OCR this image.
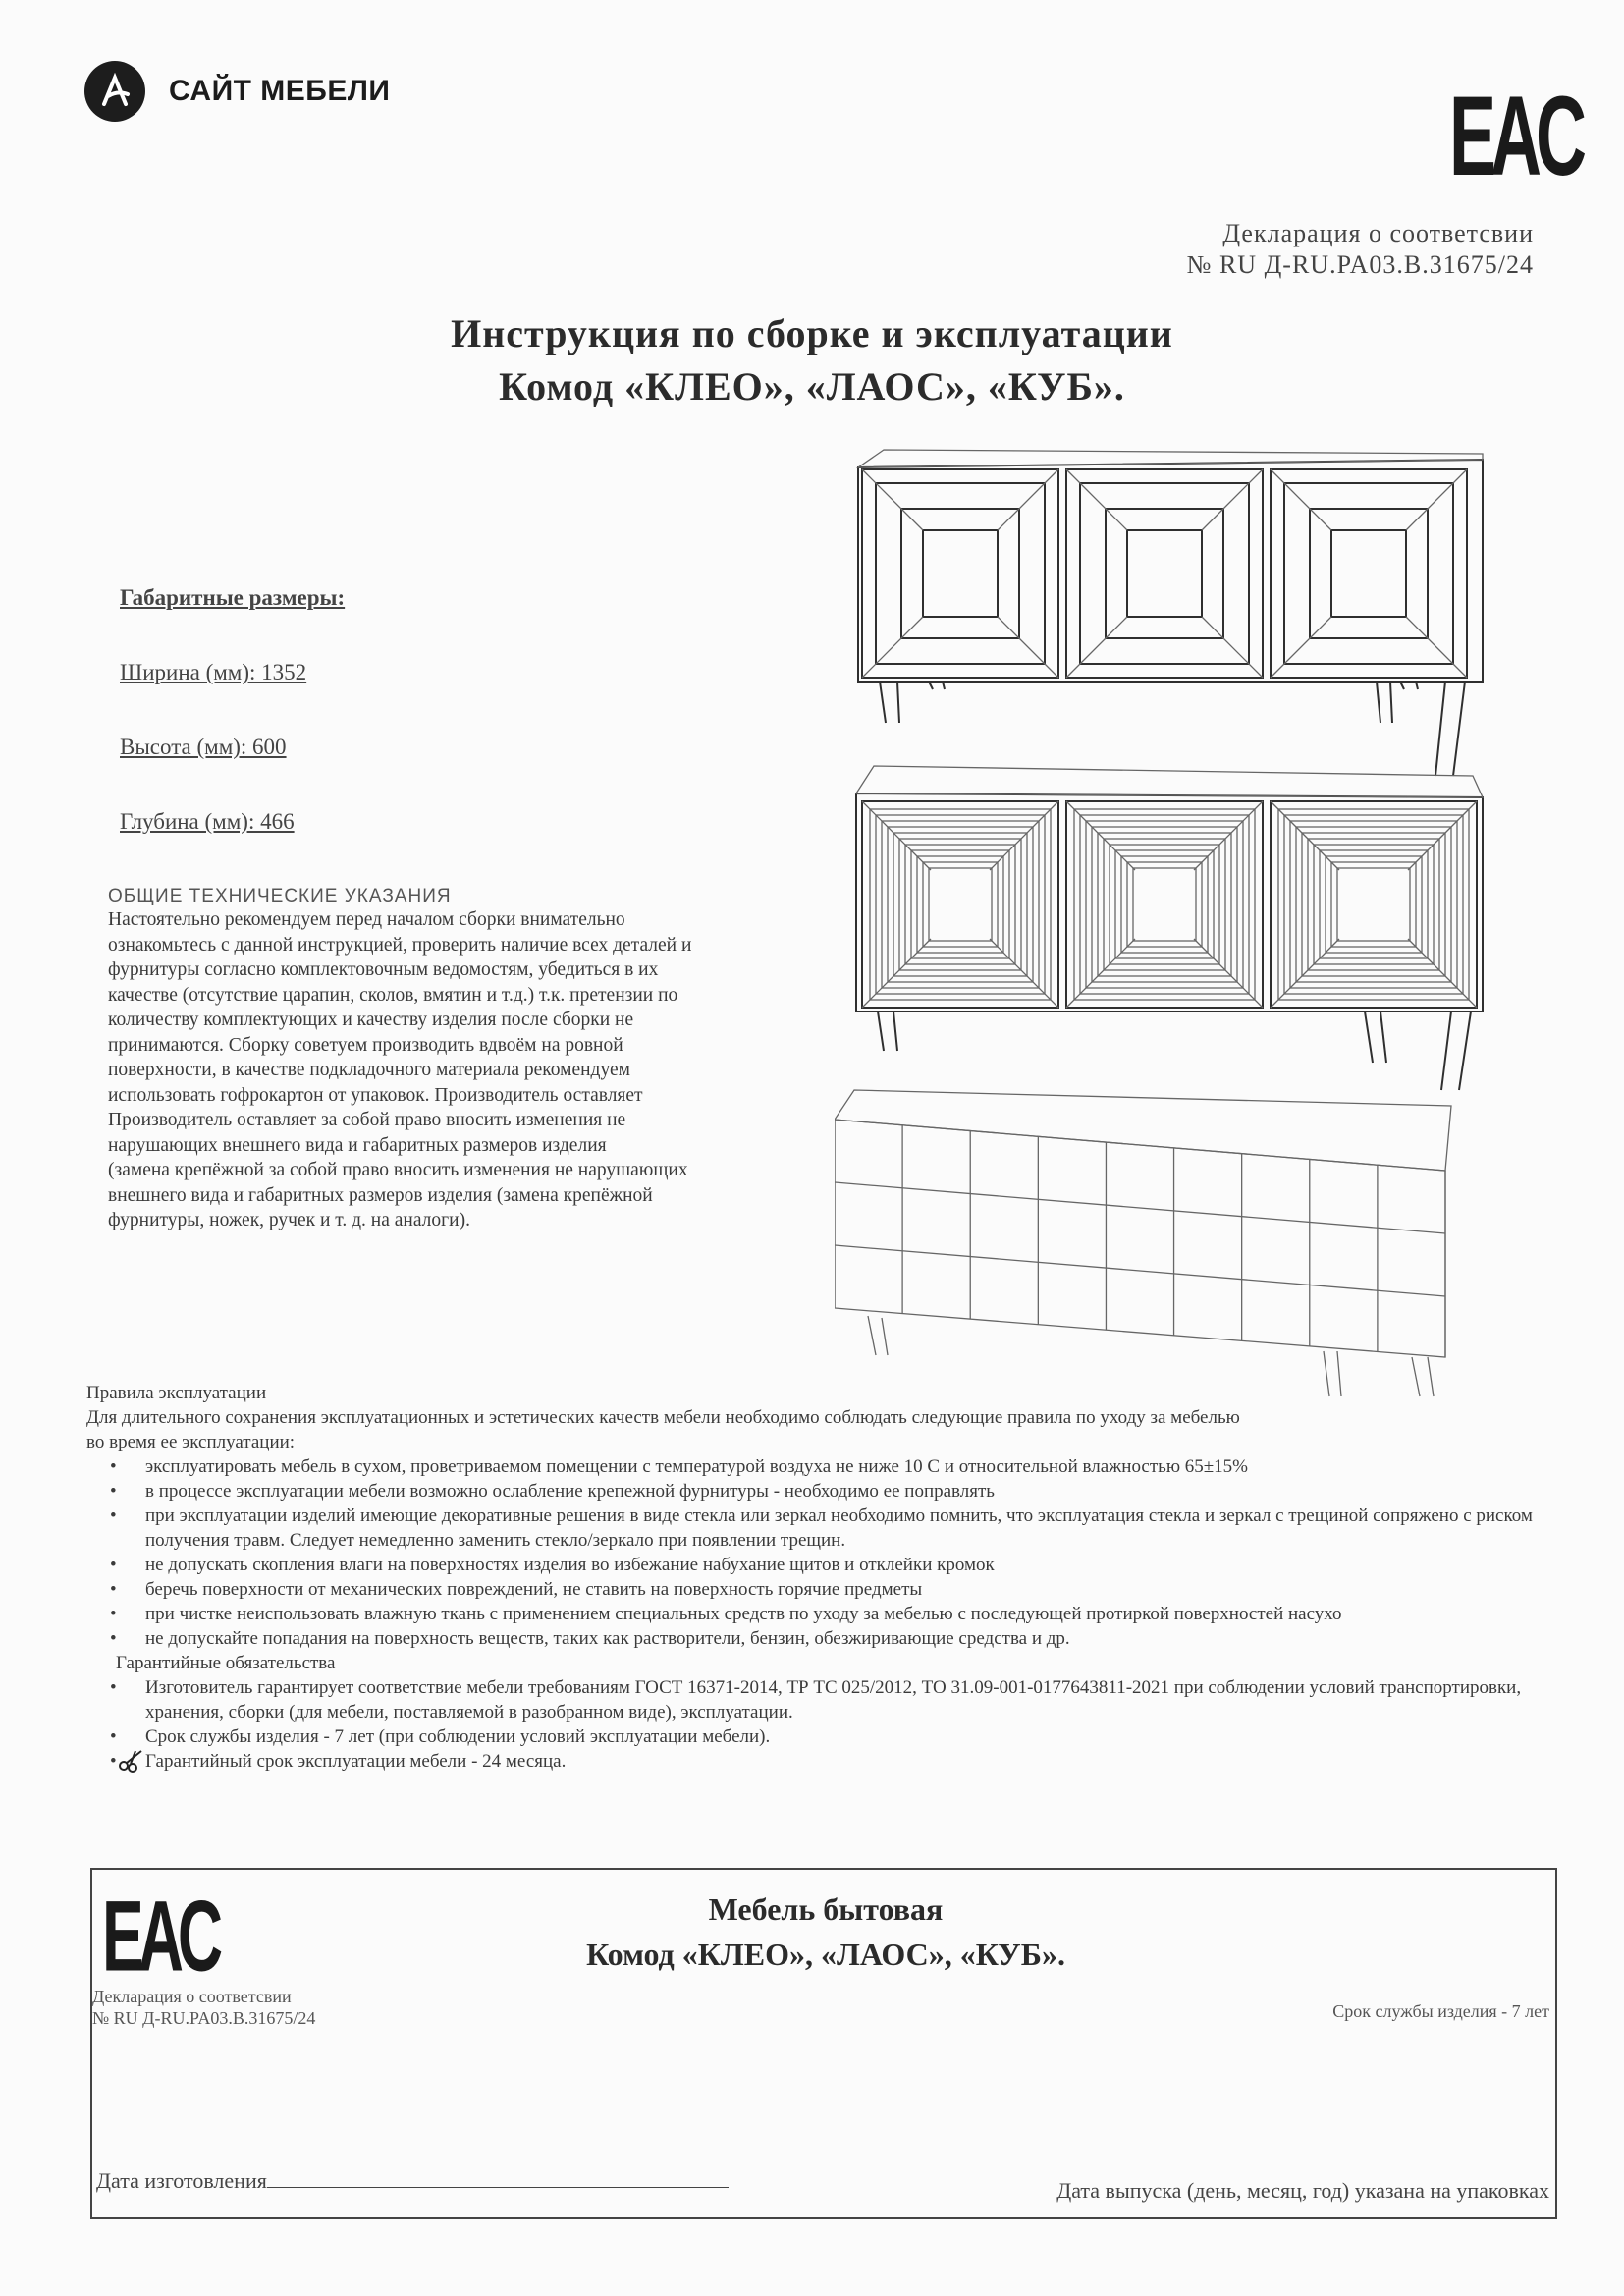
САЙТ МЕБЕЛИ	EAC
Декларация о соответсвии
№ RU Д-RU.PA03.B.31675/24
Инструкция по сборке и эксплуатации
Комод «КЛЕО», «ЛАОС», «КУБ».
Габаритные размеры:
Ширина (мм): 1352
Высота (мм): 600
Глубина (мм): 466
ОБЩИЕ ТЕХНИЧЕСКИЕ УКАЗАНИЯ
Настоятельно рекомендуем перед началом сборки внимательно
ознакомьтесь с данной инструкцией, проверить наличие всех деталей и
фурнитуры согласно комплектовочным ведомостям, убедиться в их
качестве (отсутствие царапин, сколов, вмятин и т.д.) т.к. претензии по
количеству комплектующих и качеству изделия после сборки не
принимаются. Сборку советуем производить вдвоём на ровной
поверхности, в качестве подкладочного материала рекомендуем
использовать гофрокартон от упаковок. Производитель оставляет
Производитель оставляет за собой право вносить изменения не
нарушающих внешнего вида и габаритных размеров изделия
(замена крепёжной за собой право вносить изменения не нарушающих
внешнего вида и габаритных размеров изделия (замена крепёжной
фурнитуры, ножек, ручек и т. д. на аналоги).
Правила эксплуатации
Для длительного сохранения эксплуатационных и эстетических качеств мебели необходимо соблюдать следующие правила по уходу за мебелью
во время ее эксплуатации:
• эксплуатировать мебель в сухом, проветриваемом помещении с температурой воздуха не ниже 10 С и относительной влажностью 65±15%
• в процессе эксплуатации мебели возможно ослабление крепежной фурнитуры - необходимо ее поправлять
• при эксплуатации изделий имеющие декоративные решения в виде стекла или зеркал необходимо помнить, что эксплуатация стекла и зеркал с трещиной сопряжено с риском получения травм. Следует немедленно заменить стекло/зеркало при появлении трещин.
• не допускать скопления влаги на поверхностях изделия во избежание набухание щитов и отклейки кромок
• беречь поверхности от механических повреждений, не ставить на поверхность горячие предметы
• при чистке неиспользовать влажную ткань с применением специальных средств по уходу за мебелью с последующей протиркой поверхностей насухо
• не допускайте попадания на поверхность веществ, таких как растворители, бензин, обезжиривающие средства и др.
Гарантийные обязательства
• Изготовитель гарантирует соответствие мебели требованиям ГОСТ 16371-2014, ТР ТС 025/2012, ТО 31.09-001-0177643811-2021 при соблюдении условий транспортировки, хранения, сборки (для мебели, поставляемой в разобранном виде), эксплуатации.
• Срок службы изделия - 7 лет (при соблюдении условий эксплуатации мебели).
• Гарантийный срок эксплуатации мебели - 24 месяца.
EAC	Мебель бытовая
Комод «КЛЕО», «ЛАОС», «КУБ».
Декларация о соответсвии
№ RU Д-RU.PA03.B.31675/24	Срок службы изделия - 7 лет
Дата изготовления	Дата выпуска (день, месяц, год) указана на упаковках
